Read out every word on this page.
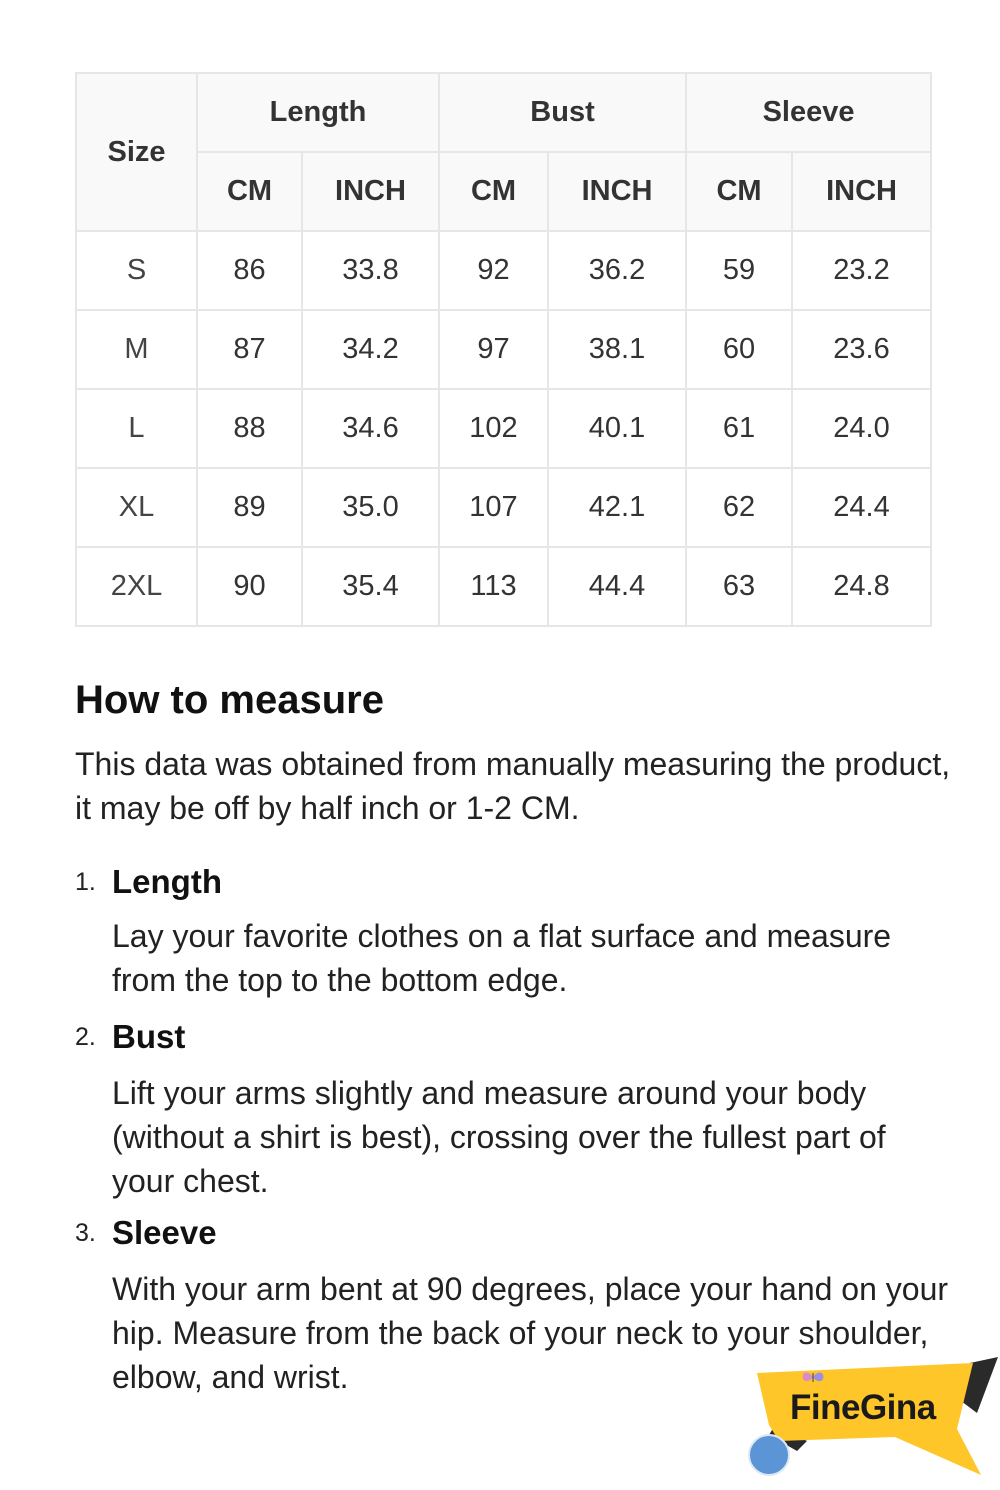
Size	Length		Bust		Sleeve	
	CM	INCH	CM	INCH	CM	INCH
S	86	33.8	92	36.2	59	23.2
M	87	34.2	97	38.1	60	23.6
L	88	34.6	102	40.1	61	24.0
XL	89	35.0	107	42.1	62	24.4
2XL	90	35.4	113	44.4	63	24.8
How to measure

This data was obtained from manually measuring the product, it may be off by half inch or 1-2 CM.

1. Length
Lay your favorite clothes on a flat surface and measure from the top to the bottom edge.
2. Bust
Lift your arms slightly and measure around your body (without a shirt is best), crossing over the fullest part of your chest.
3. Sleeve
With your arm bent at 90 degrees, place your hand on your hip. Measure from the back of your neck to your shoulder, elbow, and wrist.
FineGina
